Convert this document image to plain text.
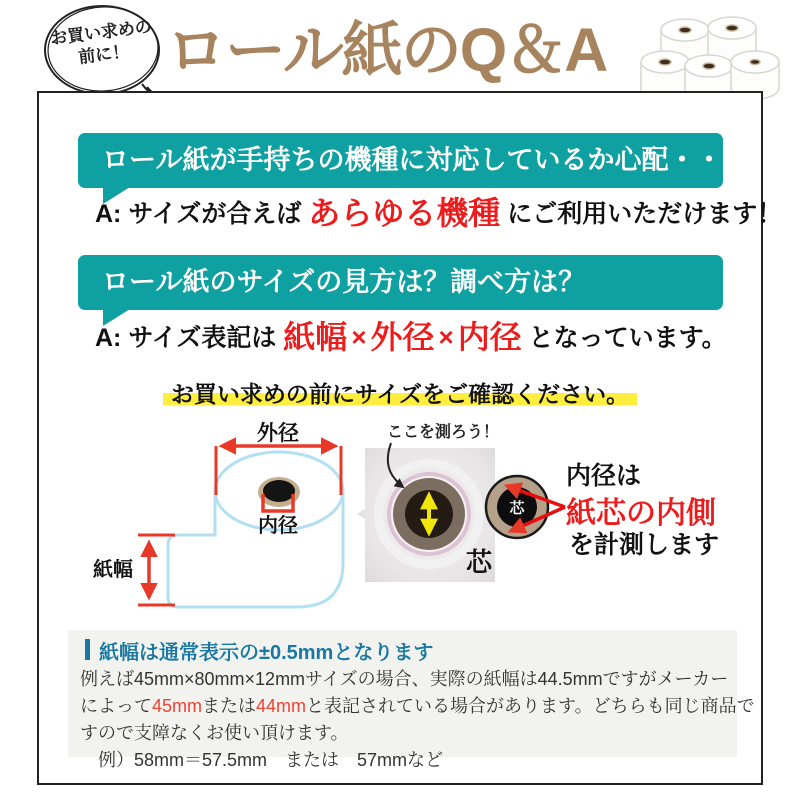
お買い求めの
前に！ ロール紙のQ＆A
ロール紙が手持ちの機種に対応しているか心配・・
A: サイズが合えば あらゆる機種 にご利用いただけます！
ロール紙のサイズの見方は？調べ方は？
A: サイズ表記は 紙幅 × 外径 × 内径 となっています。
お買い求めの前にサイズをご確認ください。
外径
内径
紙幅	芯
ここを測ろう！
芯
内径は
紙芯の内側
を計測します
紙幅は通常表示の±0.5mmとなります
例えば45mm×80mm×12mmサイズの場合、実際の紙幅は44.5mmですがメーカー
によって45mmまたは44mmと表記されている場合があります。どちらも同じ商品で
すので支障なくお使い頂けます。
　例）58mm＝57.5mm　または　57mmなど
